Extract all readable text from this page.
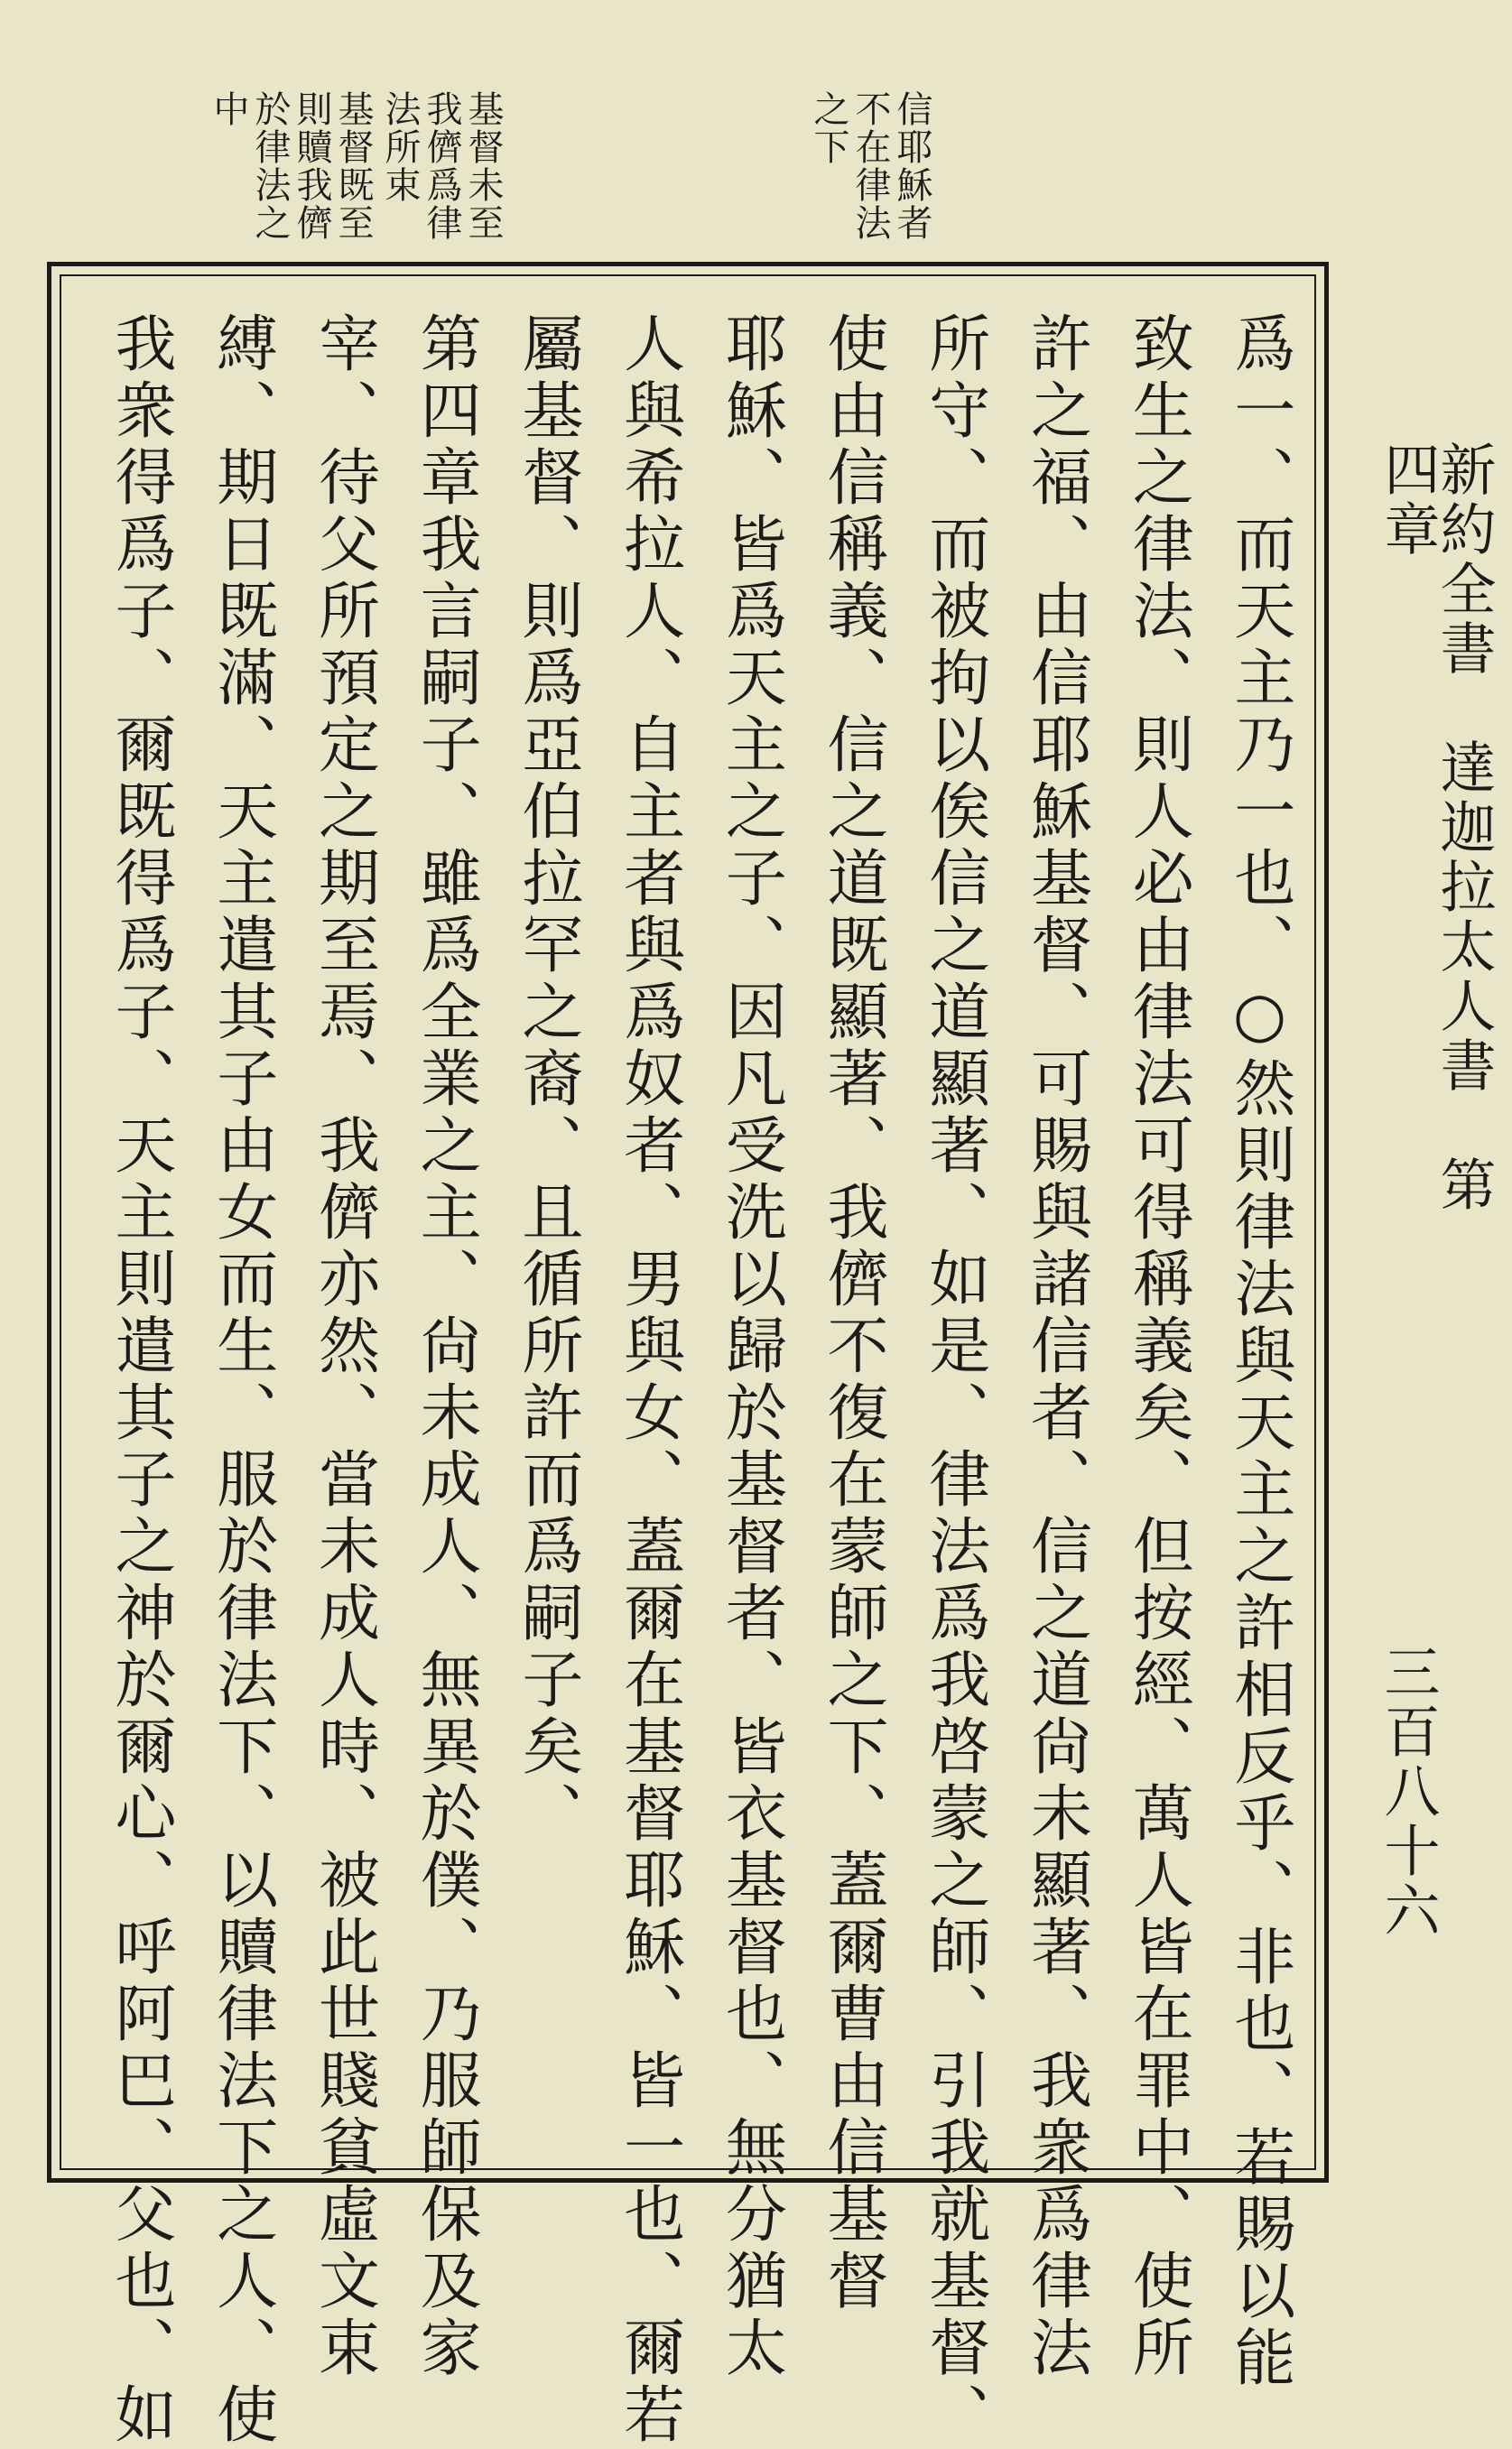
新約全書　達迦拉太人書　第四章
三百八十六
信耶穌者
不在律法
之下
基督未至
我儕爲律
法所束
基督既至
則贖我儕
於律法之
中
爲一、而天主乃一也、○然則律法與天主之許相反乎、非也、若賜以能
致生之律法、則人必由律法可得稱義矣、但按經、萬人皆在罪中、使所
許之福、由信耶穌基督、可賜與諸信者、信之道尙未顯著、我衆爲律法
所守、而被拘以俟信之道顯著、如是、律法爲我啓蒙之師、引我就基督、
使由信稱義、信之道既顯著、我儕不復在蒙師之下、蓋爾曹由信基督
耶穌、皆爲天主之子、因凡受洗以歸於基督者、皆衣基督也、無分猶太
人與希拉人、自主者與爲奴者、男與女、蓋爾在基督耶穌、皆一也、爾若
屬基督、則爲亞伯拉罕之裔、且循所許而爲嗣子矣、
第四章我言嗣子、雖爲全業之主、尙未成人、無異於僕、乃服師保及家
宰、待父所預定之期至焉、我儕亦然、當未成人時、被此世賤貧虛文束
縛、期日既滿、天主遣其子由女而生、服於律法下、以贖律法下之人、使
我衆得爲子、爾既得爲子、天主則遣其子之神於爾心、呼阿巴、父也、如
